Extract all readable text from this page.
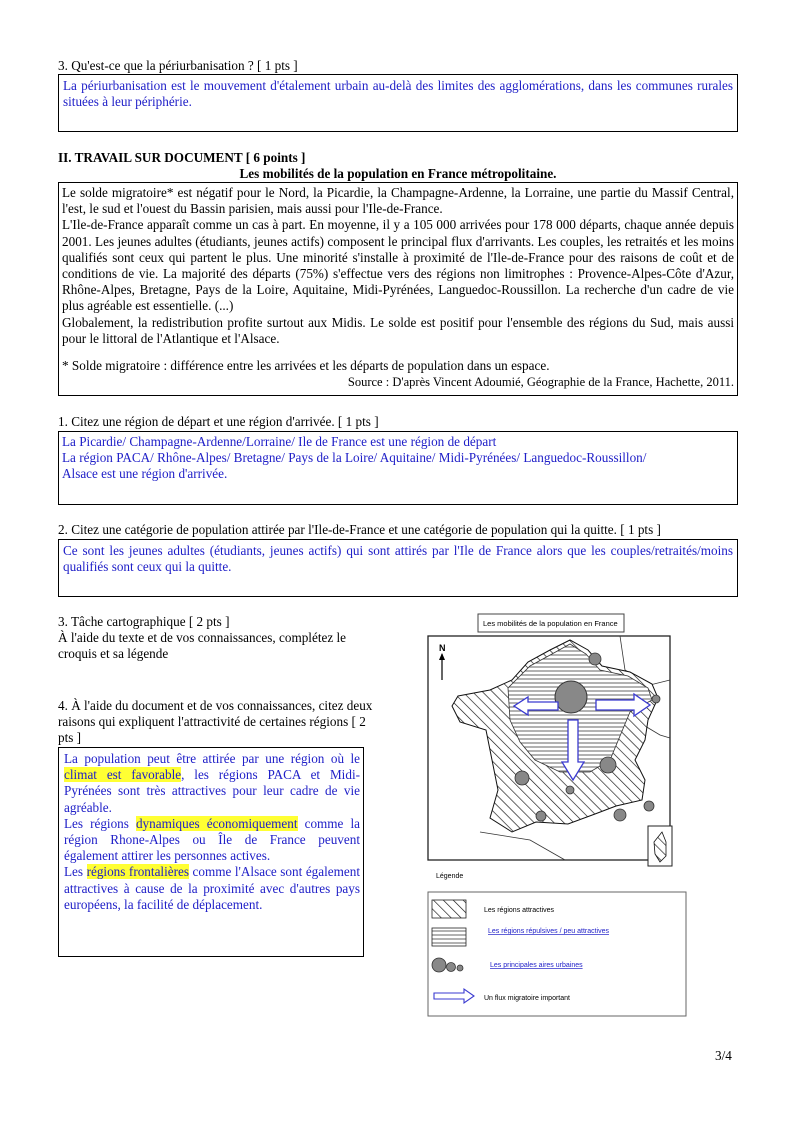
3. Qu'est-ce que la périurbanisation ? [ 1 pts ]
La périurbanisation est le mouvement d'étalement urbain au-delà des limites des agglomérations, dans les communes rurales situées à leur périphérie.
II. TRAVAIL SUR DOCUMENT [ 6 points ]
Les mobilités de la population en France métropolitaine.
Le solde migratoire* est négatif pour le Nord, la Picardie, la Champagne-Ardenne, la Lorraine, une partie du Massif Central, l'est, le sud et l'ouest du Bassin parisien, mais aussi pour l'Ile-de-France.
L'Ile-de-France apparaît comme un cas à part. En moyenne, il y a 105 000 arrivées pour 178 000 départs, chaque année depuis 2001. Les jeunes adultes (étudiants, jeunes actifs) composent le principal flux d'arrivants. Les couples, les retraités et les moins qualifiés sont ceux qui partent le plus. Une minorité s'installe à proximité de l'Ile-de-France pour des raisons de coût et de conditions de vie. La majorité des départs (75%) s'effectue vers des régions non limitrophes : Provence-Alpes-Côte d'Azur, Rhône-Alpes, Bretagne, Pays de la Loire, Aquitaine, Midi-Pyrénées, Languedoc-Roussillon. La recherche d'un cadre de vie plus agréable est essentielle. (...)
Globalement, la redistribution profite surtout aux Midis. Le solde est positif pour l'ensemble des régions du Sud, mais aussi pour le littoral de l'Atlantique et l'Alsace.
* Solde migratoire : différence entre les arrivées et les départs de population dans un espace.
Source : D'après Vincent Adoumié, Géographie de la France, Hachette, 2011.
1. Citez une région de départ et une région d'arrivée. [ 1 pts ]
La Picardie/ Champagne-Ardenne/Lorraine/ Ile de France est une région de départ
La région PACA/ Rhône-Alpes/ Bretagne/ Pays de la Loire/ Aquitaine/ Midi-Pyrénées/ Languedoc-Roussillon/
Alsace est une région d'arrivée.
2. Citez une catégorie de population attirée par l'Ile-de-France et une catégorie de population qui la quitte. [ 1 pts ]
Ce sont les jeunes adultes (étudiants, jeunes actifs) qui sont attirés par l'Ile de France alors que les couples/retraités/moins qualifiés sont ceux qui la quitte.
3. Tâche cartographique [ 2 pts ]
À l'aide du texte et de vos connaissances, complétez le croquis et sa légende
4. À l'aide du document et de vos connaissances, citez deux raisons qui expliquent l'attractivité de certaines régions [ 2 pts ]
La population peut être attirée par une région où le climat est favorable, les régions PACA et Midi-Pyrénées sont très attractives pour leur cadre de vie agréable.
Les régions dynamiques économiquement comme la région Rhone-Alpes ou Île de France peuvent également attirer les personnes actives.
Les régions frontalières comme l'Alsace sont également attractives à cause de la proximité avec d'autres pays européens, la facilité de déplacement.
Les mobilités de la population en France
N
Légende
Les régions attractives
Les régions répulsives / peu attractives
Les principales aires urbaines
Un flux migratoire important
3/4
